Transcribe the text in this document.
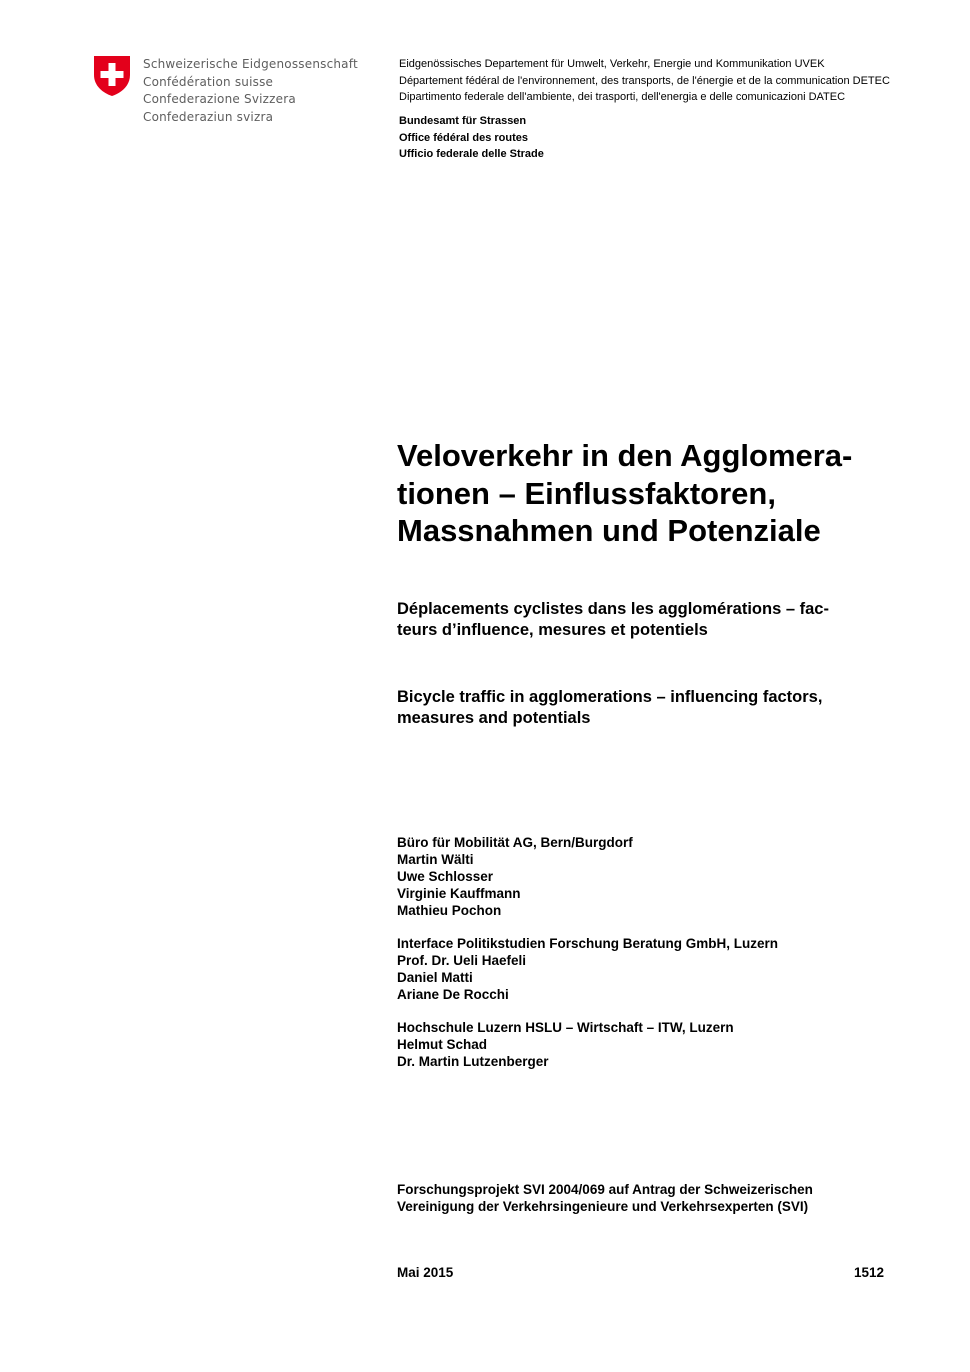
Schweizerische Eidgenossenschaft
Confédération suisse
Confederazione Svizzera
Confederaziun svizra
Eidgenössisches Departement für Umwelt, Verkehr, Energie und Kommunikation UVEK
Département fédéral de l'environnement, des transports, de l'énergie et de la communication DETEC
Dipartimento federale dell'ambiente, dei trasporti, dell'energia e delle comunicazioni DATEC
Bundesamt für Strassen
Office fédéral des routes
Ufficio federale delle Strade
Veloverkehr in den Agglomera-
tionen – Einflussfaktoren,
Massnahmen und Potenziale
Déplacements cyclistes dans les agglomérations – fac-
teurs d’influence, mesures et potentiels
Bicycle traffic in agglomerations – influencing factors,
measures and potentials
Büro für Mobilität AG, Bern/Burgdorf
Martin Wälti
Uwe Schlosser
Virginie Kauffmann
Mathieu Pochon
Interface Politikstudien Forschung Beratung GmbH, Luzern
Prof. Dr. Ueli Haefeli
Daniel Matti
Ariane De Rocchi
Hochschule Luzern HSLU – Wirtschaft – ITW, Luzern
Helmut Schad
Dr. Martin Lutzenberger
Forschungsprojekt SVI 2004/069 auf Antrag der Schweizerischen
Vereinigung der Verkehrsingenieure und Verkehrsexperten (SVI)
Mai 2015	1512
